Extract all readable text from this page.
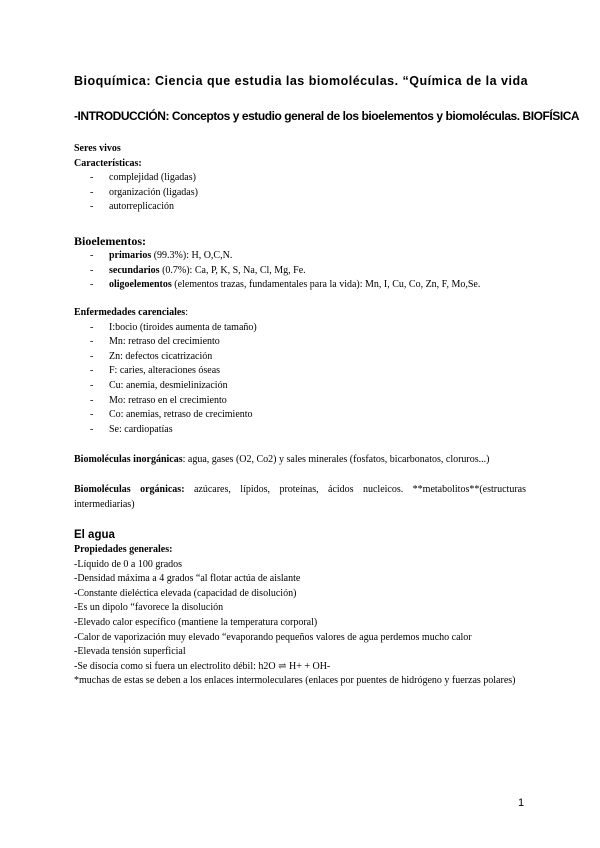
Bioquímica: Ciencia que estudia las biomoléculas. “Química de la vida
-INTRODUCCIÓN: Conceptos y estudio general de los bioelementos y biomoléculas. BIOFÍSICA
Seres vivos
Características:
- complejidad (ligadas)
- organización (ligadas)
- autorreplicación
Bioelementos:
- primarios (99.3%): H, O,C,N.
- secundarios (0.7%): Ca, P, K, S, Na, Cl, Mg, Fe.
- oligoelementos (elementos trazas, fundamentales para la vida): Mn, I, Cu, Co, Zn, F, Mo,Se.
Enfermedades carenciales:
- I:bocio (tiroides aumenta de tamaño)
- Mn: retraso del crecimiento
- Zn: defectos cicatrización
- F: caries, alteraciones óseas
- Cu: anemia, desmielinización
- Mo: retraso en el crecimiento
- Co: anemias, retraso de crecimiento
- Se: cardiopatías
Biomoléculas inorgánicas: agua, gases (O2, Co2) y sales minerales (fosfatos, bicarbonatos, cloruros...)
Biomoléculas orgánicas: azúcares, lípidos, proteínas, ácidos nucleicos. **metabolitos**(estructuras intermediarias)
El agua
Propiedades generales:
-Líquido de 0 a 100 grados
-Densidad máxima a 4 grados “al flotar actúa de aislante
-Constante dieléctica elevada (capacidad de disolución)
-Es un dipolo “favorece la disolución
-Elevado calor específico (mantiene la temperatura corporal)
-Calor de vaporización muy elevado “evaporando pequeños valores de agua perdemos mucho calor
-Elevada tensión superficial
-Se disocia como si fuera un electrolito débil: h2O ⇌ H+ + OH-
*muchas de estas se deben a los enlaces intermoleculares (enlaces por puentes de hidrógeno y fuerzas polares)
1
